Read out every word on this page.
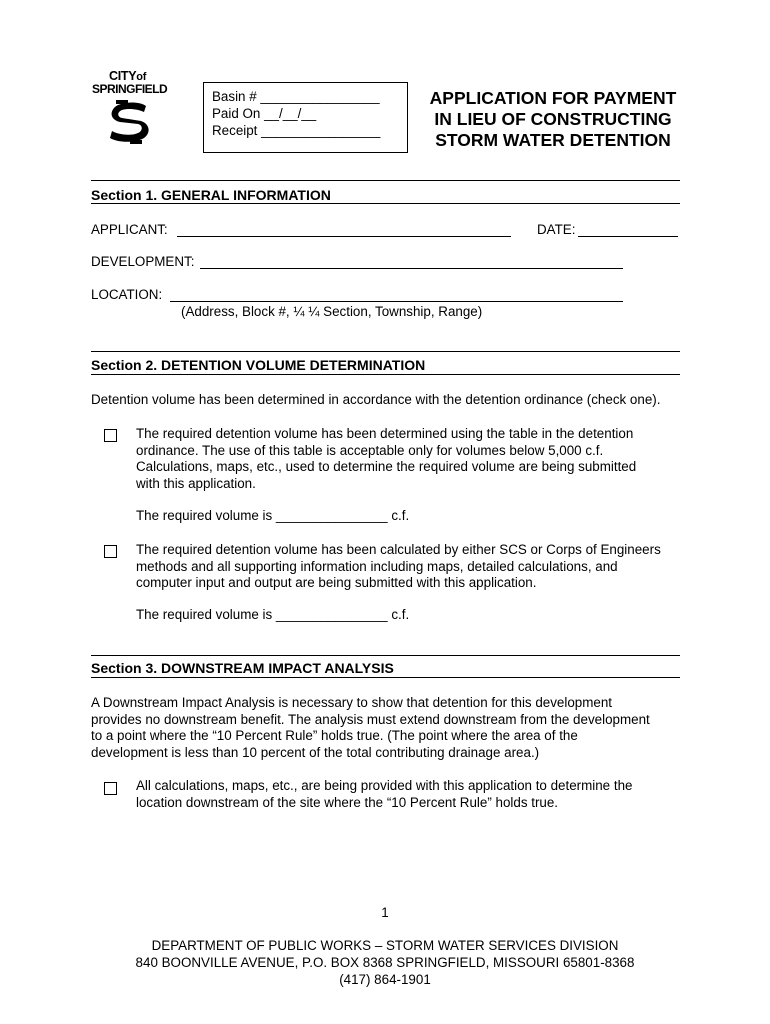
CITYof
SPRINGFIELD	Basin # ________________
Paid On __/__/__
Receipt ________________
APPLICATION FOR PAYMENT
IN LIEU OF CONSTRUCTING
STORM WATER DETENTION
Section 1. GENERAL INFORMATION
APPLICANT:	DATE:
DEVELOPMENT:
LOCATION:
(Address, Block #, ¼ ¼ Section, Township, Range)
Section 2. DETENTION VOLUME DETERMINATION
Detention volume has been determined in accordance with the detention ordinance (check one).
The required detention volume has been determined using the table in the detention
ordinance. The use of this table is acceptable only for volumes below 5,000 c.f.
Calculations, maps, etc., used to determine the required volume are being submitted
with this application.
The required volume is _______________ c.f.
The required detention volume has been calculated by either SCS or Corps of Engineers
methods and all supporting information including maps, detailed calculations, and
computer input and output are being submitted with this application.
The required volume is _______________ c.f.
Section 3. DOWNSTREAM IMPACT ANALYSIS
A Downstream Impact Analysis is necessary to show that detention for this development
provides no downstream benefit. The analysis must extend downstream from the development
to a point where the “10 Percent Rule” holds true. (The point where the area of the
development is less than 10 percent of the total contributing drainage area.)
All calculations, maps, etc., are being provided with this application to determine the
location downstream of the site where the “10 Percent Rule” holds true.
1
DEPARTMENT OF PUBLIC WORKS – STORM WATER SERVICES DIVISION
840 BOONVILLE AVENUE, P.O. BOX 8368 SPRINGFIELD, MISSOURI 65801-8368
(417) 864-1901
